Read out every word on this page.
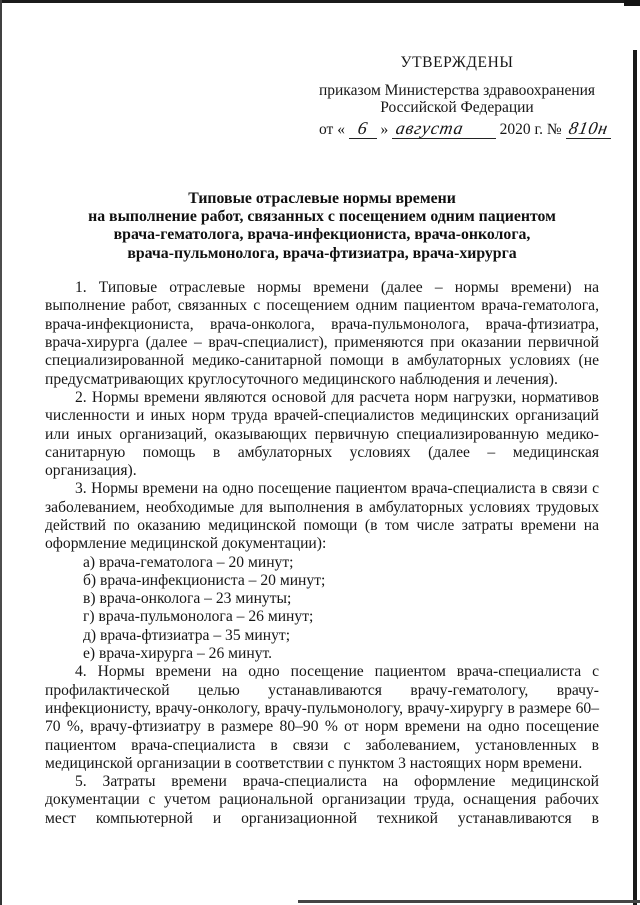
УТВЕРЖДЕНЫ
приказом Министерства здравоохранения
Российской Федерации
от « 6 » августа 2020 г. № 810н
Типовые отраслевые нормы времени
на выполнение работ, связанных с посещением одним пациентом
врача-гематолога, врача-инфекциониста, врача-онколога,
врача-пульмонолога, врача-фтизиатра, врача-хирурга

1. Типовые отраслевые нормы времени (далее – нормы времени) на выполнение работ, связанных с посещением одним пациентом врача-гематолога, врача-инфекциониста, врача-онколога, врача-пульмонолога, врача-фтизиатра, врача-хирурга (далее – врач-специалист), применяются при оказании первичной специализированной медико-санитарной помощи в амбулаторных условиях (не предусматривающих круглосуточного медицинского наблюдения и лечения).

2. Нормы времени являются основой для расчета норм нагрузки, нормативов численности и иных норм труда врачей-специалистов медицинских организаций или иных организаций, оказывающих первичную специализированную медико-санитарную помощь в амбулаторных условиях (далее – медицинская организация).

3. Нормы времени на одно посещение пациентом врача-специалиста в связи с заболеванием, необходимые для выполнения в амбулаторных условиях трудовых действий по оказанию медицинской помощи (в том числе затраты времени на оформление медицинской документации):

а) врача-гематолога – 20 минут;

б) врача-инфекциониста – 20 минут;

в) врача-онколога – 23 минуты;

г) врача-пульмонолога – 26 минут;

д) врача-фтизиатра – 35 минут;

е) врача-хирурга – 26 минут.

4. Нормы времени на одно посещение пациентом врача-специалиста с профилактической целью устанавливаются врачу-гематологу, врачу-инфекционисту, врачу-онкологу, врачу-пульмонологу, врачу-хирургу в размере 60–70 %, врачу-фтизиатру в размере 80–90 % от норм времени на одно посещение пациентом врача-специалиста в связи с заболеванием, установленных в медицинской организации в соответствии с пунктом 3 настоящих норм времени.

5. Затраты времени врача-специалиста на оформление медицинской документации с учетом рациональной организации труда, оснащения рабочих мест компьютерной и организационной техникой устанавливаются в
